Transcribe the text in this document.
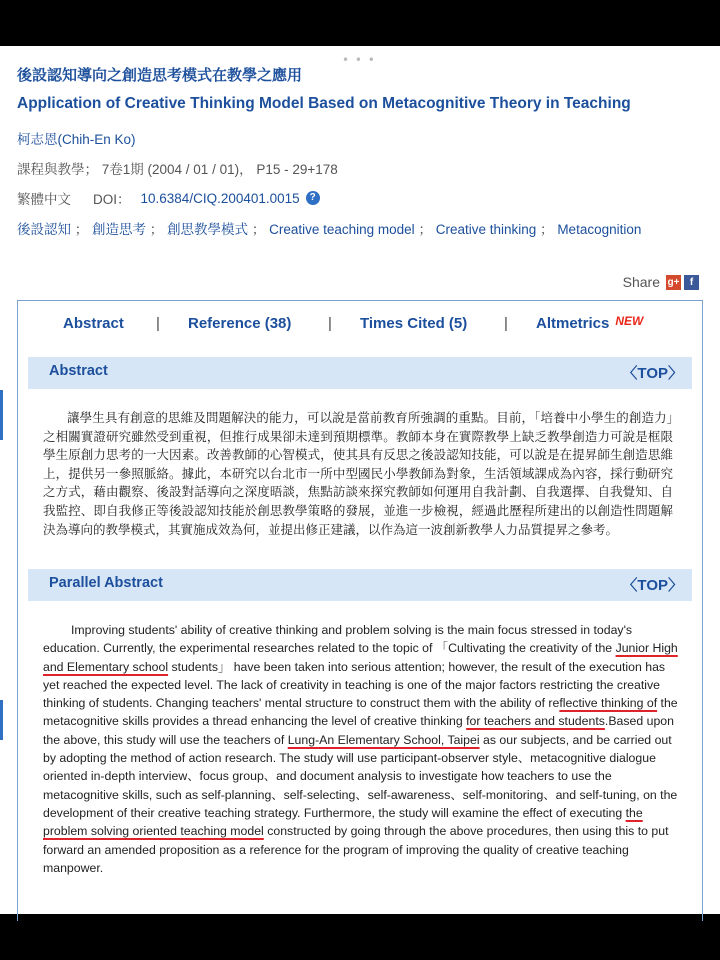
• • •
後設認知導向之創造思考模式在教學之應用
Application of Creative Thinking Model Based on Metacognitive Theory in Teaching
柯志恩(Chih-En Ko)
課程與教學； 7卷1期 (2004 / 01 / 01)， P15 - 29+178
繁體中文 DOI： 10.6384/CIQ.200401.0015 ?
後設認知 ； 創造思考 ； 創思教學模式 ； Creative teaching model ； Creative thinking ； Metacognition
Share g+	f
Abstract | Reference (38) | Times Cited (5) | Altmetrics $^{NEW}$
Abstract	〈TOP〉
讓學生具有創意的思維及問題解決的能力，可以說是當前教育所強調的重點。目前，「培養中小學生的創造力」之相關實證研究雖然受到重視，但推行成果卻未達到預期標準。教師本身在實際教學上缺乏教學創造力可說是框限學生原創力思考的一大因素。改善教師的心智模式，使其具有反思之後設認知技能，可以說是在提昇師生創造思維上，提供另一參照脈絡。據此，本研究以台北市一所中型國民小學教師為對象，生活領域課成為內容，採行動研究之方式，藉由觀察、後設對話導向之深度晤談，焦點訪談來探究教師如何運用自我計劃、自我選擇、自我覺知、自我監控、即自我修正等後設認知技能於創思教學策略的發展，並進一步檢視，經過此歷程所建出的以創造性問題解決為導向的教學模式，其實施成效為何，並提出修正建議，以作為這一波創新教學人力品質提昇之參考。
Parallel Abstract	〈TOP〉
Improving students' ability of creative thinking and problem solving is the main focus stressed in today's education. Currently, the experimental researches related to the topic of 「Cultivating the creativity of the Junior High and Elementary school students」 have been taken into serious attention; however, the result of the execution has yet reached the expected level. The lack of creativity in teaching is one of the major factors restricting the creative thinking of students. Changing teachers' mental structure to construct them with the ability of reflective thinking of the metacognitive skills provides a thread enhancing the level of creative thinking for teachers and students.Based upon the above, this study will use the teachers of Lung-An Elementary School, Taipei as our subjects, and be carried out by adopting the method of action research. The study will use participant-observer style、metacognitive dialogue oriented in-depth interview、focus group、and document analysis to investigate how teachers to use the metacognitive skills, such as self-planning、self-selecting、self-awareness、self-monitoring、and self-tuning, on the development of their creative teaching strategy. Furthermore, the study will examine the effect of executing the problem solving oriented teaching model constructed by going through the above procedures, then using this to put forward an amended proposition as a reference for the program of improving the quality of creative teaching manpower.
